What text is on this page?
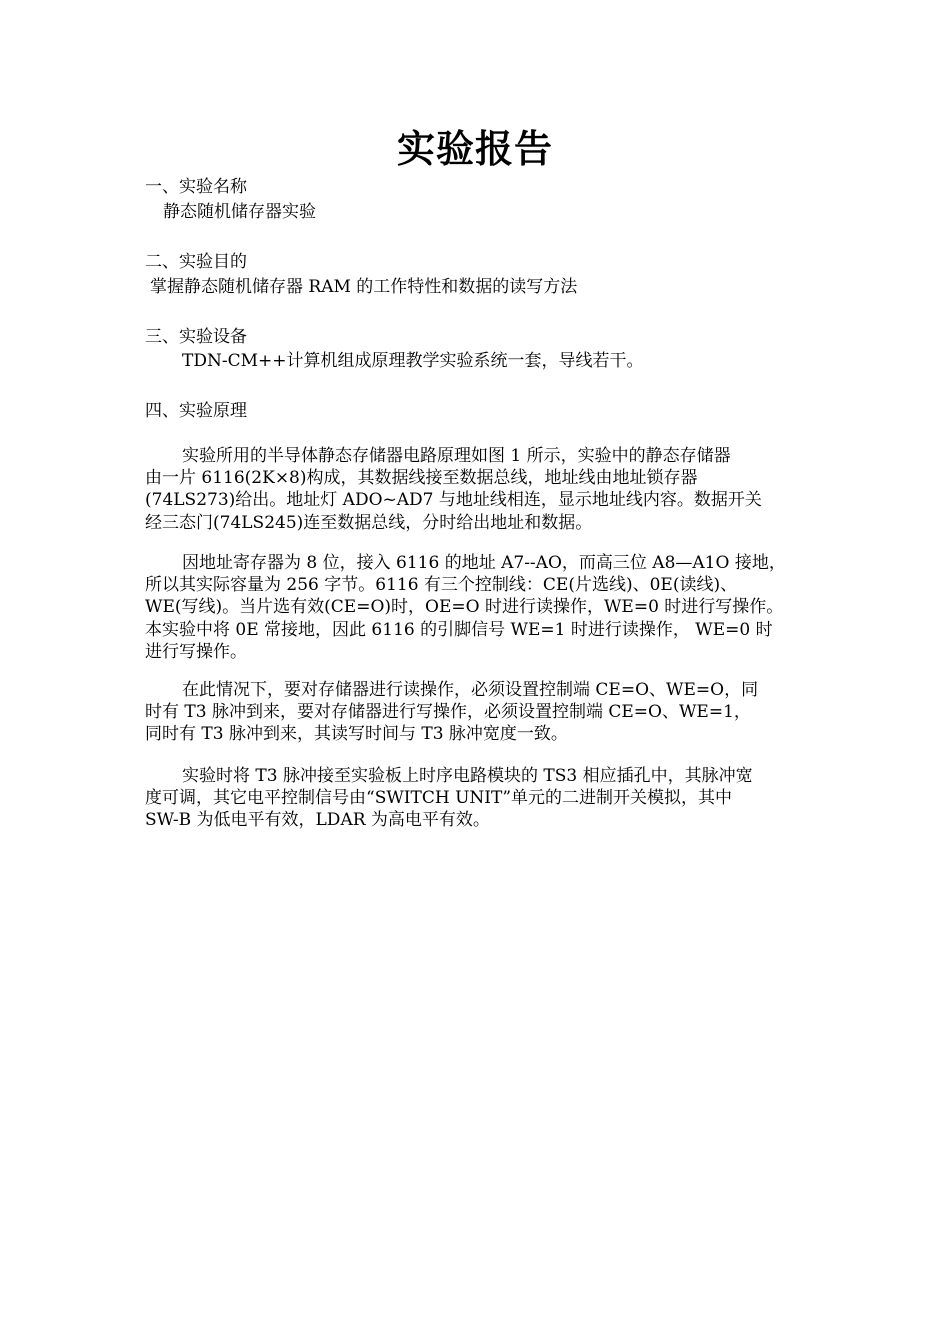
实验报告
一、实验名称
静态随机储存器实验
二、实验目的
掌握静态随机储存器 RAM 的工作特性和数据的读写方法
三、实验设备
TDN-CM++计算机组成原理教学实验系统一套，导线若干。
四、实验原理
实验所用的半导体静态存储器电路原理如图 1 所示，实验中的静态存储器
由一片 6116(2K×8)构成，其数据线接至数据总线，地址线由地址锁存器
(74LS273)给出。地址灯 ADO~AD7 与地址线相连，显示地址线内容。数据开关
经三态门(74LS245)连至数据总线，分时给出地址和数据。
因地址寄存器为 8 位，接入 6116 的地址 A7--AO，而高三位 A8—A1O 接地，
所以其实际容量为 256 字节。6116 有三个控制线：CE(片选线)、0E(读线)、
WE(写线)。当片选有效(CE=O)时，OE=O 时进行读操作，WE=0 时进行写操作。
本实验中将 0E 常接地，因此 6116 的引脚信号 WE=1 时进行读操作， WE=0 时
进行写操作。
在此情况下，要对存储器进行读操作，必须设置控制端 CE=O、WE=O，同
时有 T3 脉冲到来，要对存储器进行写操作，必须设置控制端 CE=O、WE=1，
同时有 T3 脉冲到来，其读写时间与 T3 脉冲宽度一致。
实验时将 T3 脉冲接至实验板上时序电路模块的 TS3 相应插孔中，其脉冲宽
度可调，其它电平控制信号由“SWITCH UNIT”单元的二进制开关模拟，其中
SW-B 为低电平有效，LDAR 为高电平有效。
